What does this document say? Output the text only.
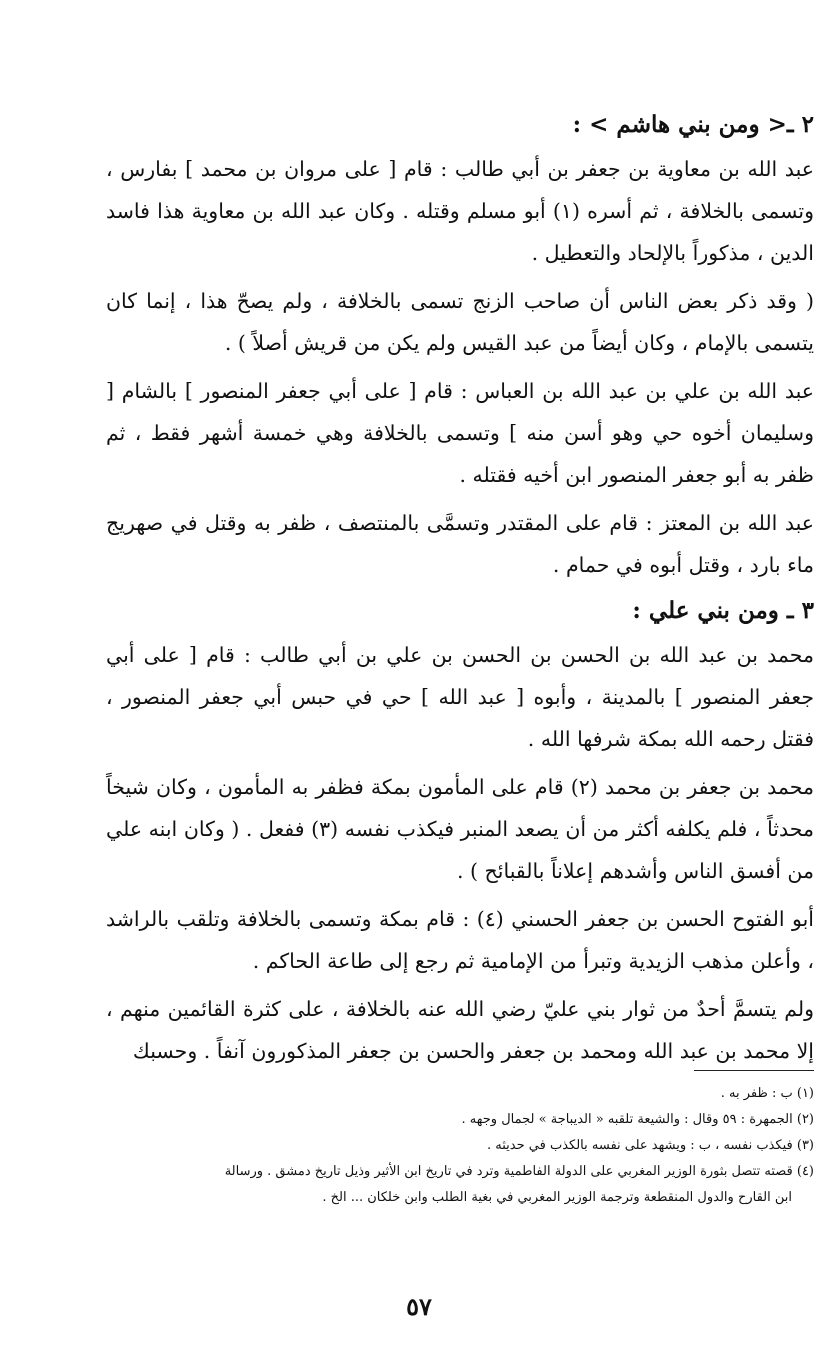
٢ ـ< ومن بني هاشم > :

عبد الله بن معاوية بن جعفر بن أبي طالب : قام [ على مروان بن محمد ] بفارس ، وتسمى بالخلافة ، ثم أسره (١) أبو مسلم وقتله . وكان عبد الله بن معاوية هذا فاسد الدين ، مذكوراً بالإلحاد والتعطيل .

( وقد ذكر بعض الناس أن صاحب الزنج تسمى بالخلافة ، ولم يصحّ هذا ، إنما كان يتسمى بالإمام ، وكان أيضاً من عبد القيس ولم يكن من قريش أصلاً ) .

عبد الله بن علي بن عبد الله بن العباس : قام [ على أبي جعفر المنصور ] بالشام [ وسليمان أخوه حي وهو أسن منه ] وتسمى بالخلافة وهي خمسة أشهر فقط ، ثم ظفر به أبو جعفر المنصور ابن أخيه فقتله .

عبد الله بن المعتز : قام على المقتدر وتسمَّى بالمنتصف ، ظفر به وقتل في صهريج ماء بارد ، وقتل أبوه في حمام .

٣ ـ ومن بني علي :

محمد بن عبد الله بن الحسن بن الحسن بن علي بن أبي طالب : قام [ على أبي جعفر المنصور ] بالمدينة ، وأبوه [ عبد الله ] حي في حبس أبي جعفر المنصور ، فقتل رحمه الله بمكة شرفها الله .

محمد بن جعفر بن محمد (٢) قام على المأمون بمكة فظفر به المأمون ، وكان شيخاً محدثاً ، فلم يكلفه أكثر من أن يصعد المنبر فيكذب نفسه (٣) ففعل . ( وكان ابنه علي من أفسق الناس وأشدهم إعلاناً بالقبائح ) .

أبو الفتوح الحسن بن جعفر الحسني (٤) : قام بمكة وتسمى بالخلافة وتلقب بالراشد ، وأعلن مذهب الزيدية وتبرأ من الإمامية ثم رجع إلى طاعة الحاكم .

ولم يتسمَّ أحدٌ من ثوار بني عليّ رضي الله عنه بالخلافة ، على كثرة القائمين منهم ، إلا محمد بن عبد الله ومحمد بن جعفر والحسن بن جعفر المذكورون آنفاً . وحسبك

(١) ب : ظفر به .

(٢) الجمهرة : ٥٩ وقال : والشيعة تلقبه « الديباجة » لجمال وجهه .

(٣) فيكذب نفسه ، ب : ويشهد على نفسه بالكذب في حديثه .

(٤) قصته تتصل بثورة الوزير المغربي على الدولة الفاطمية وترد في تاريخ ابن الأثير وذيل تاريخ دمشق . ورسالة

ابن القارح والدول المنقطعة وترجمة الوزير المغربي في بغية الطلب وابن خلكان ... الخ .

٥٧
